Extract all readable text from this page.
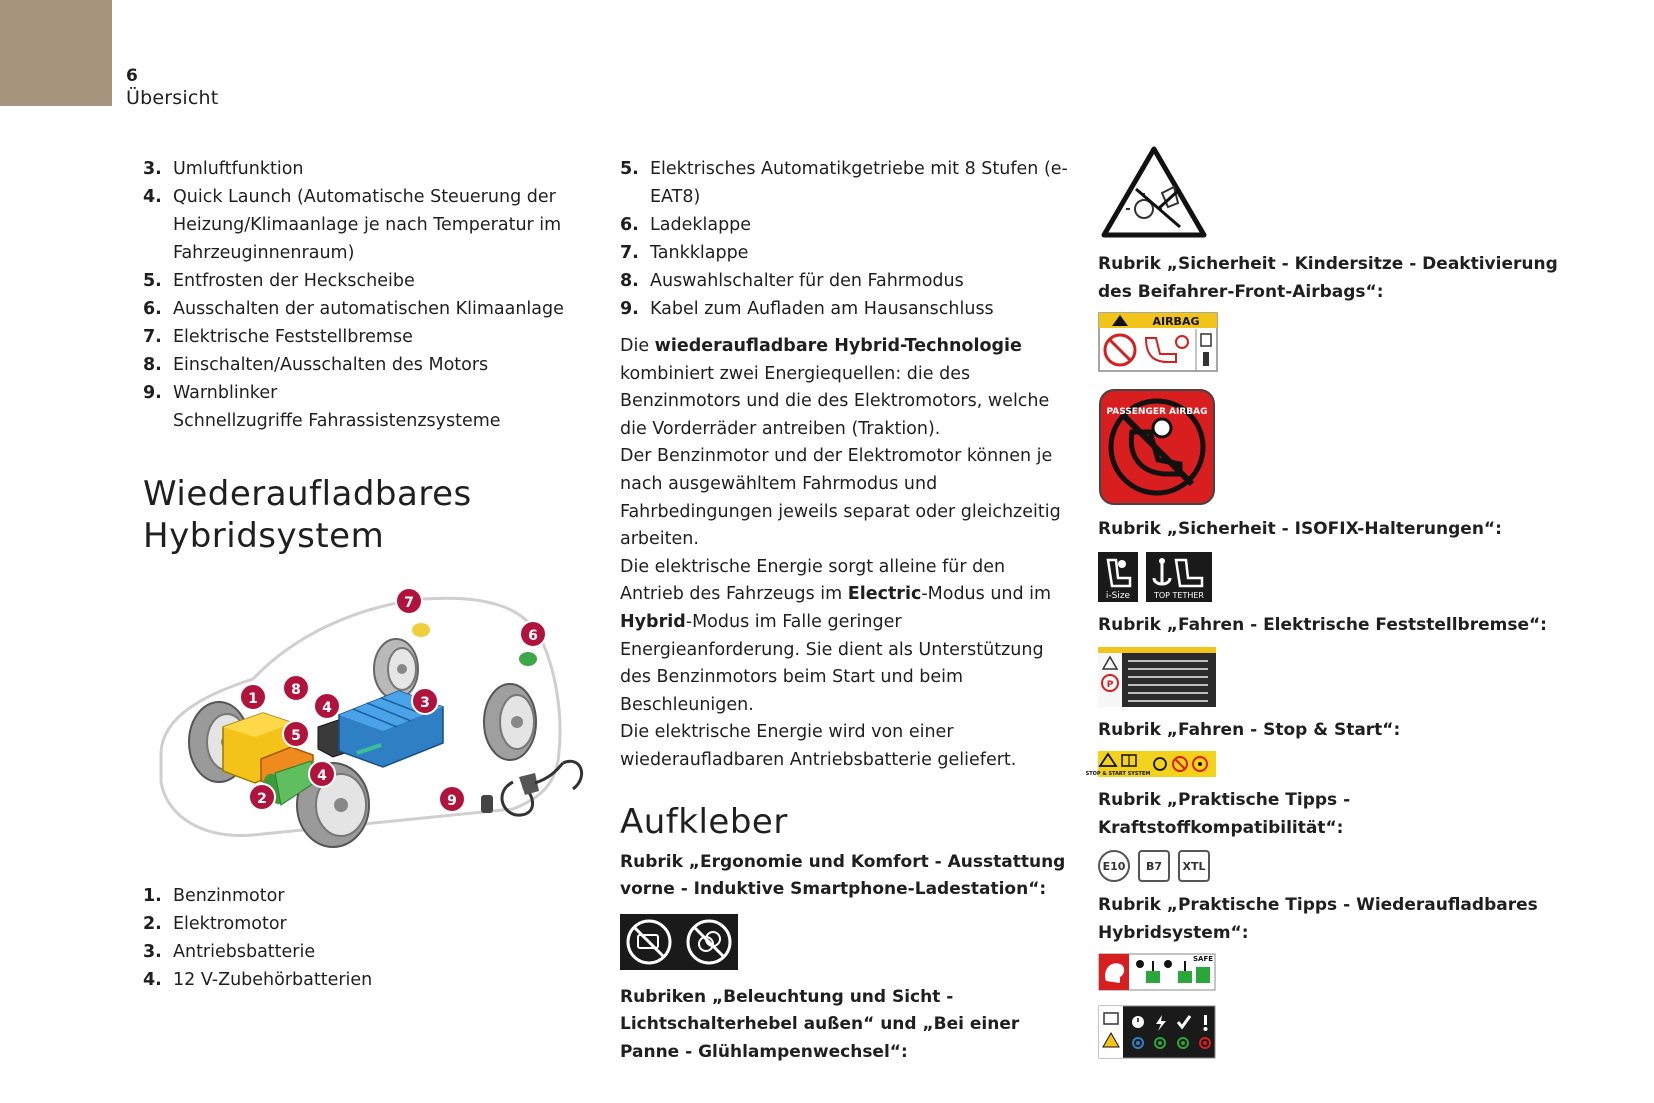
6
Übersicht
3. Umluftfunktion
4. Quick Launch (Automatische Steuerung der Heizung/Klimaanlage je nach Temperatur im Fahrzeuginnenraum)
5. Entfrosten der Heckscheibe
6. Ausschalten der automatischen Klimaanlage
7. Elektrische Feststellbremse
8. Einschalten/Ausschalten des Motors
9. Warnblinker
Schnellzugriffe Fahrassistenzsysteme
Wiederaufladbares Hybridsystem
1
2
3
4
4
5
6
7
8
9
1. Benzinmotor
2. Elektromotor
3. Antriebsbatterie
4. 12 V-Zubehörbatterien
5. Elektrisches Automatikgetriebe mit 8 Stufen (e-EAT8)
6. Ladeklappe
7. Tankklappe
8. Auswahlschalter für den Fahrmodus
9. Kabel zum Aufladen am Hausanschluss

Die wiederaufladbare Hybrid-Technologie kombiniert zwei Energiequellen: die des Benzinmotors und die des Elektromotors, welche die Vorderräder antreiben (Traktion).
Der Benzinmotor und der Elektromotor können je nach ausgewähltem Fahrmodus und Fahrbedingungen jeweils separat oder gleichzeitig arbeiten.
Die elektrische Energie sorgt alleine für den Antrieb des Fahrzeugs im Electric-Modus und im Hybrid-Modus im Falle geringer Energieanforderung. Sie dient als Unterstützung des Benzinmotors beim Start und beim Beschleunigen.
Die elektrische Energie wird von einer wiederaufladbaren Antriebsbatterie geliefert.

Aufkleber
Rubrik „Ergonomie und Komfort - Ausstattung vorne - Induktive Smartphone-Ladestation“:
Rubriken „Beleuchtung und Sicht - Lichtschalterhebel außen“ und „Bei einer Panne - Glühlampenwechsel“:
Rubrik „Sicherheit - Kindersitze - Deaktivierung des Beifahrer-Front-Airbags“:
AIRBAG
PASSENGER AIRBAG
Rubrik „Sicherheit - ISOFIX-Halterungen“:
i-Size	TOP TETHER
Rubrik „Fahren - Elektrische Feststellbremse“:
P
Rubrik „Fahren - Stop & Start“:
STOP & START SYSTEM
Rubrik „Praktische Tipps - Kraftstoffkompatibilität“:
E10	B7	XTL
Rubrik „Praktische Tipps - Wiederaufladbares Hybridsystem“:
SAFE
